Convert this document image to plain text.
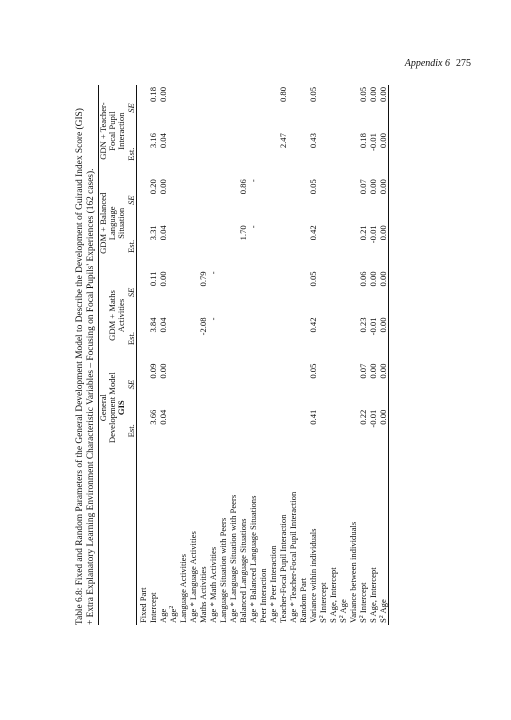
Appendix 6 275
Table 6.8: Fixed and Random Parameters of the General Development Model to Describe the Development of Guiraud Index Score (GIS) + Extra Explanatory Learning Environment Characteristic Variables – Focusing on Focal Pupils' Experiences (162 cases).
	General
Development Model GIS		GDM + Maths
Activities		GDM + Balanced
Language
Situation		GDN + Teacher-
Focal Pupil
Interaction	
	Est.	SE	Est.	SE	Est.	SE	Est.	SE
Fixed Part								
Intercept	3.66	0.09	3.84	0.11	3.31	0.20	3.16	0.18
Age	0.04	0.00	0.04	0.00	0.04	0.00	0.04	0.00
Age$^2$								
Language Activities								
Age * Language Activities								
Maths Activities			-2.08	0.79				
Age * Math Activities			-	-				
Language Situation with Peers								
Age * Language Situation with Peers								
Balanced Language Situations					1.70	0.86		
Age * Balanced Language Situations					-	-		
Peer Interaction								
Age * Peer Interaction								
Teacher-Focal Pupil Interaction							2.47	0.80
Age * Teacher-Focal Pupil Interaction								
Random Part								
Variance within individuals	0.41	0.05	0.42	0.05	0.42	0.05	0.43	0.05
$S^2$ Intercept								
S Age, Intercept								
$S^2$ Age								
Variance between individuals								
$S^2$ Intercept	0.22	0.07	0.23	0.06	0.21	0.07	0.18	0.05
S Age, Intercept	-0.01	0.00	-0.01	0.00	-0.01	0.00	-0.01	0.00
$S^2$ Age	0.00	0.00	0.00	0.00	0.00	0.00	0.00	0.00
